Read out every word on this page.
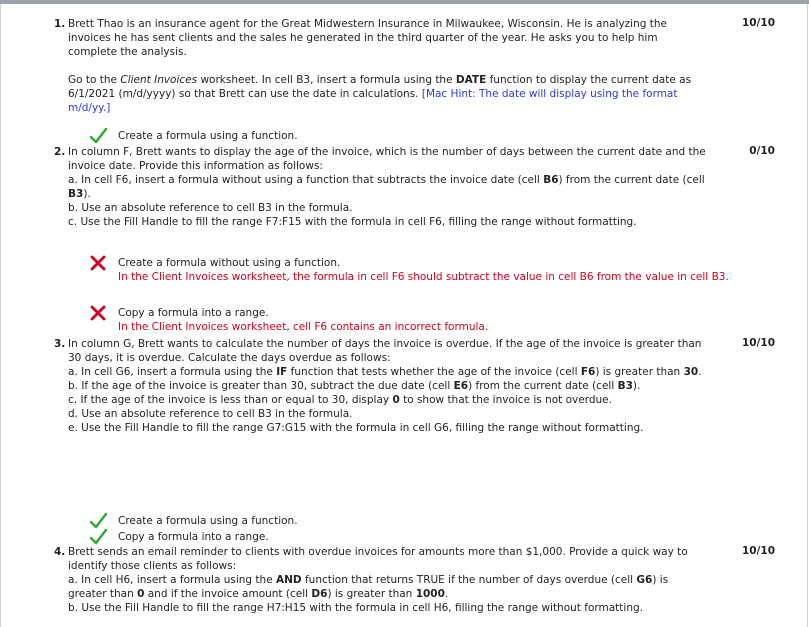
1. Brett Thao is an insurance agent for the Great Midwestern Insurance in Milwaukee, Wisconsin. He is analyzing the invoices he has sent clients and the sales he generated in the third quarter of the year. He asks you to help him complete the analysis.

Go to the Client Invoices worksheet. In cell B3, insert a formula using the DATE function to display the current date as 6/1/2021 (m/d/yyyy) so that Brett can use the date in calculations. [Mac Hint: The date will display using the format m/d/yy.]

10/10
Create a formula using a function.
2. In column F, Brett wants to display the age of the invoice, which is the number of days between the current date and the invoice date. Provide this information as follows:

a. In cell F6, insert a formula without using a function that subtracts the invoice date (cell B6) from the current date (cell B3).

b. Use an absolute reference to cell B3 in the formula.

c. Use the Fill Handle to fill the range F7:F15 with the formula in cell F6, filling the range without formatting.

0/10
Create a formula without using a function.
In the Client Invoices worksheet, the formula in cell F6 should subtract the value in cell B6 from the value in cell B3.
Copy a formula into a range.
In the Client Invoices worksheet, cell F6 contains an incorrect formula.
3. In column G, Brett wants to calculate the number of days the invoice is overdue. If the age of the invoice is greater than 30 days, it is overdue. Calculate the days overdue as follows:

a. In cell G6, insert a formula using the IF function that tests whether the age of the invoice (cell F6) is greater than 30.

b. If the age of the invoice is greater than 30, subtract the due date (cell E6) from the current date (cell B3).

c. If the age of the invoice is less than or equal to 30, display 0 to show that the invoice is not overdue.

d. Use an absolute reference to cell B3 in the formula.

e. Use the Fill Handle to fill the range G7:G15 with the formula in cell G6, filling the range without formatting.

10/10
Create a formula using a function.
Copy a formula into a range.
4. Brett sends an email reminder to clients with overdue invoices for amounts more than $1,000. Provide a quick way to identify those clients as follows:

a. In cell H6, insert a formula using the AND function that returns TRUE if the number of days overdue (cell G6) is greater than 0 and if the invoice amount (cell D6) is greater than 1000.

b. Use the Fill Handle to fill the range H7:H15 with the formula in cell H6, filling the range without formatting.

10/10
